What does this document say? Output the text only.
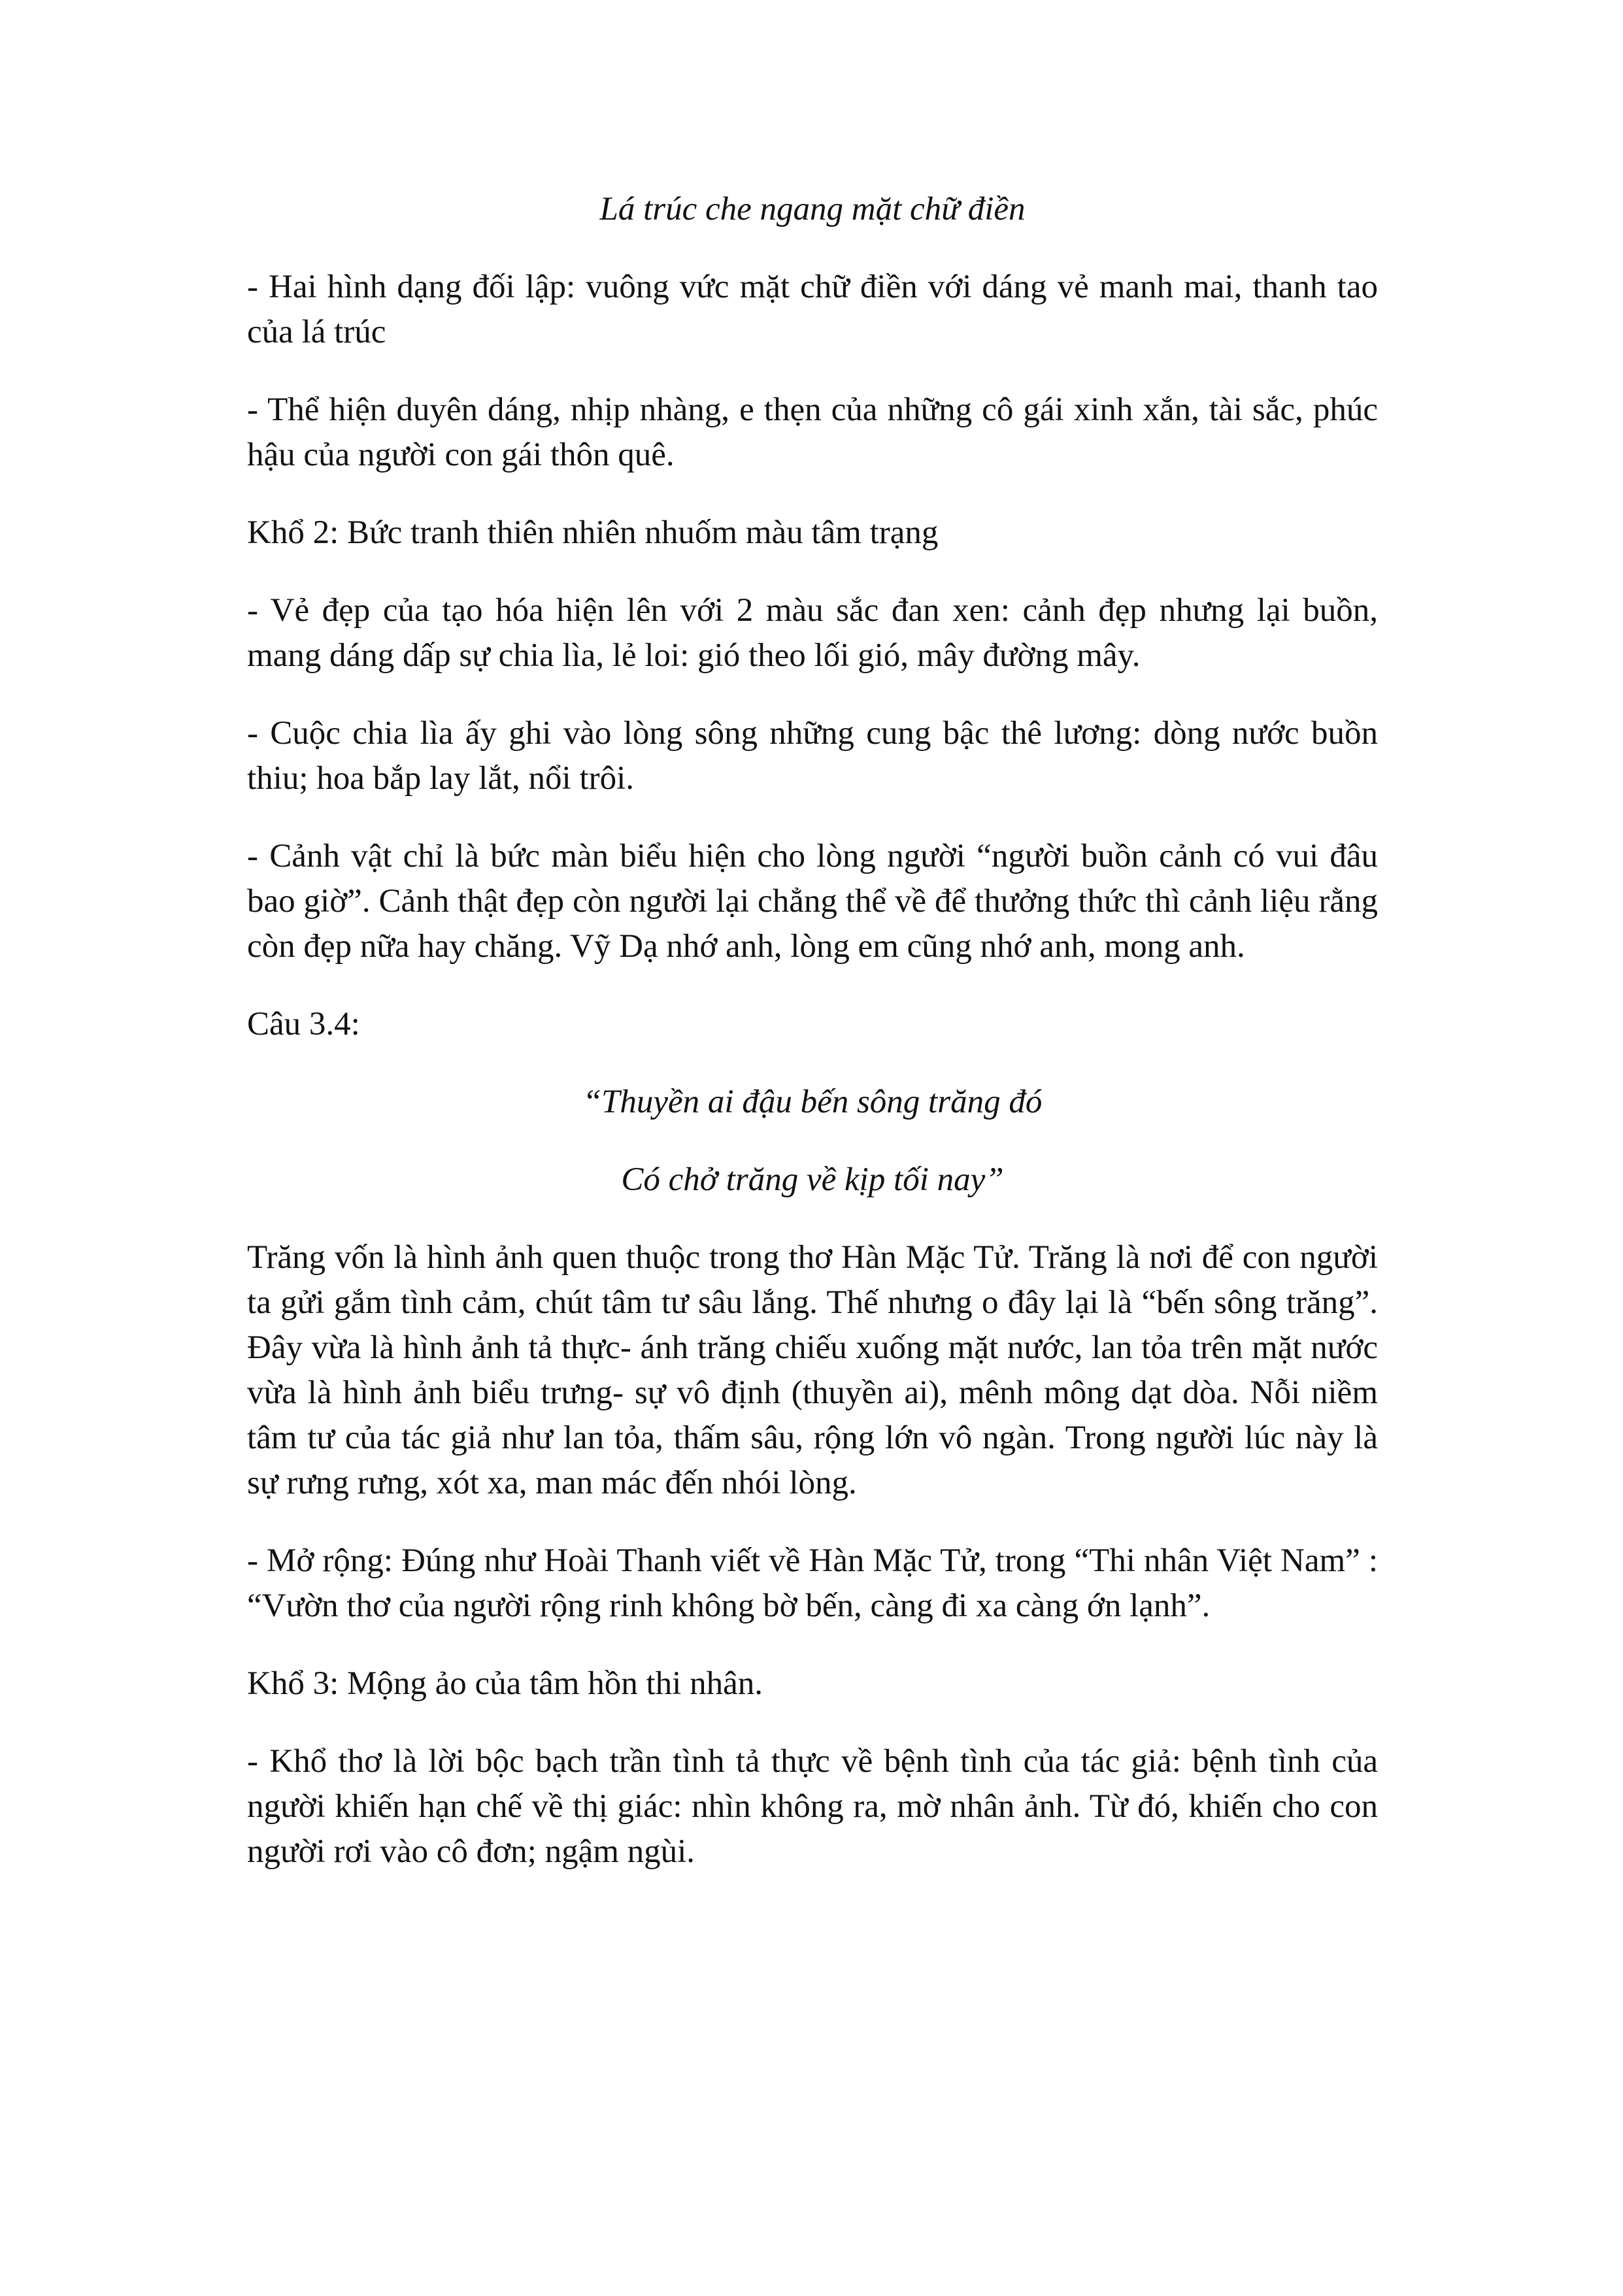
Lá trúc che ngang mặt chữ điền

- Hai hình dạng đối lập: vuông vức mặt chữ điền với dáng vẻ manh mai, thanh tao của lá trúc

- Thể hiện duyên dáng, nhịp nhàng, e thẹn của những cô gái xinh xắn, tài sắc, phúc hậu của người con gái thôn quê.

Khổ 2: Bức tranh thiên nhiên nhuốm màu tâm trạng

- Vẻ đẹp của tạo hóa hiện lên với 2 màu sắc đan xen: cảnh đẹp nhưng lại buồn, mang dáng dấp sự chia lìa, lẻ loi: gió theo lối gió, mây đường mây.

- Cuộc chia lìa ấy ghi vào lòng sông những cung bậc thê lương: dòng nước buồn thiu; hoa bắp lay lắt, nổi trôi.

- Cảnh vật chỉ là bức màn biểu hiện cho lòng người “người buồn cảnh có vui đâu bao giờ”. Cảnh thật đẹp còn người lại chẳng thể về để thưởng thức thì cảnh liệu rằng còn đẹp nữa hay chăng. Vỹ Dạ nhớ anh, lòng em cũng nhớ anh, mong anh.

Câu 3.4:

“Thuyền ai đậu bến sông trăng đó

Có chở trăng về kịp tối nay”

Trăng vốn là hình ảnh quen thuộc trong thơ Hàn Mặc Tử. Trăng là nơi để con người ta gửi gắm tình cảm, chút tâm tư sâu lắng. Thế nhưng o đây lại là “bến sông trăng”. Đây vừa là hình ảnh tả thực- ánh trăng chiếu xuống mặt nước, lan tỏa trên mặt nước vừa là hình ảnh biểu trưng- sự vô định (thuyền ai), mênh mông dạt dòa. Nỗi niềm tâm tư của tác giả như lan tỏa, thấm sâu, rộng lớn vô ngàn. Trong người lúc này là sự rưng rưng, xót xa, man mác đến nhói lòng.

- Mở rộng: Đúng như Hoài Thanh viết về Hàn Mặc Tử, trong “Thi nhân Việt Nam” : “Vườn thơ của người rộng rinh không bờ bến, càng đi xa càng ớn lạnh”.

Khổ 3: Mộng ảo của tâm hồn thi nhân.

- Khổ thơ là lời bộc bạch trần tình tả thực về bệnh tình của tác giả: bệnh tình của người khiến hạn chế về thị giác: nhìn không ra, mờ nhân ảnh. Từ đó, khiến cho con người rơi vào cô đơn; ngậm ngùi.
